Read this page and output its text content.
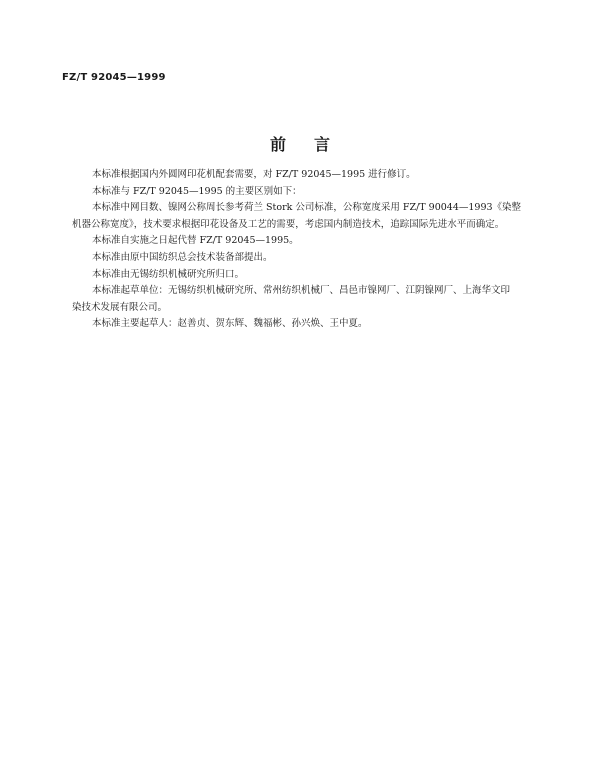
FZ/T 92045—1999
前言

本标准根据国内外圆网印花机配套需要，对 FZ/T 92045—1995 进行修订。

本标准与 FZ/T 92045—1995 的主要区别如下：

本标准中网目数、镍网公称周长参考荷兰 Stork 公司标准，公称宽度采用 FZ/T 90044—1993《染整

机器公称宽度》，技术要求根据印花设备及工艺的需要，考虑国内制造技术，追踪国际先进水平而确定。

本标准自实施之日起代替 FZ/T 92045—1995。

本标准由原中国纺织总会技术装备部提出。

本标准由无锡纺织机械研究所归口。

本标准起草单位：无锡纺织机械研究所、常州纺织机械厂、昌邑市镍网厂、江阴镍网厂、上海华文印

染技术发展有限公司。

本标准主要起草人：赵善贞、贺东辉、魏福彬、孙兴焕、王中夏。
